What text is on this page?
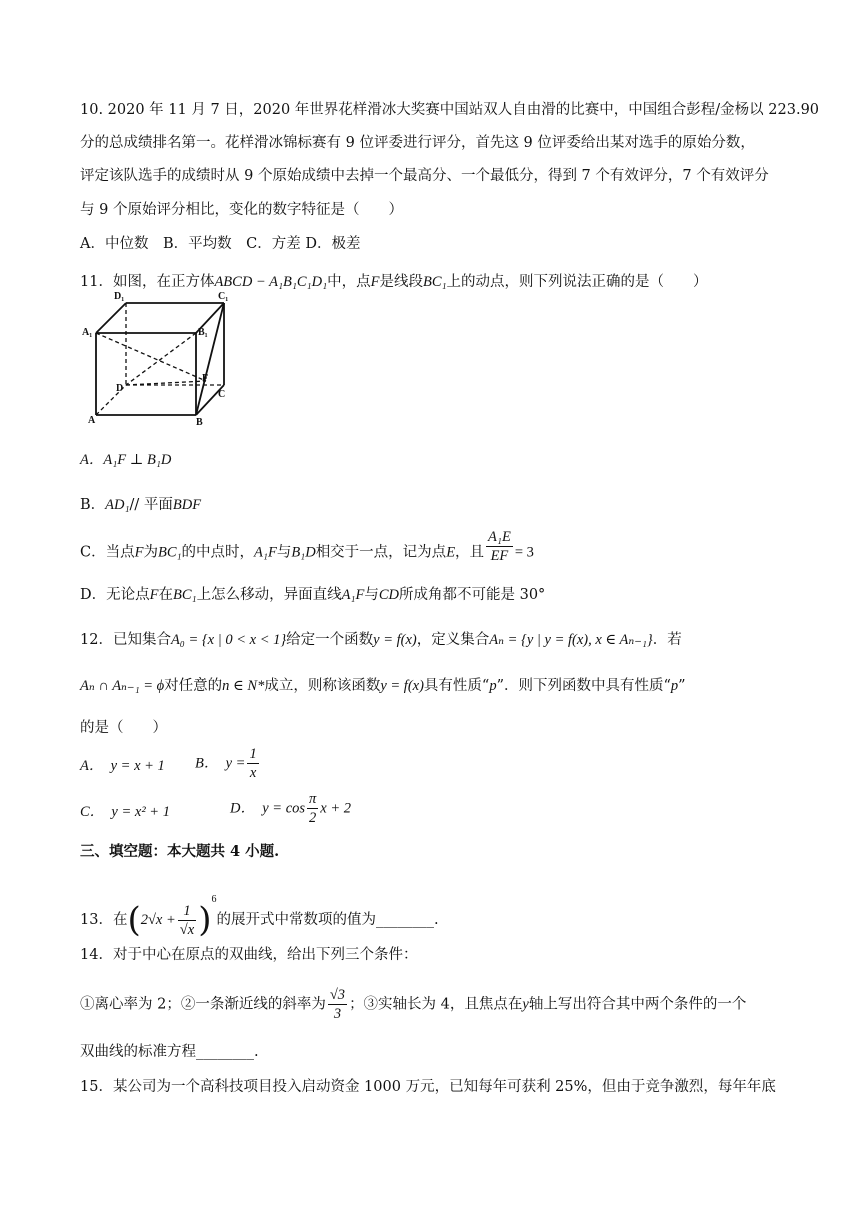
10. 2020 年 11 月 7 日，2020 年世界花样滑冰大奖赛中国站双人自由滑的比赛中，中国组合彭程/金杨以 223.90
分的总成绩排名第一。花样滑冰锦标赛有 9 位评委进行评分，首先这 9 位评委给出某对选手的原始分数，
评定该队选手的成绩时从 9 个原始成绩中去掉一个最高分、一个最低分，得到 7 个有效评分，7 个有效评分
与 9 个原始评分相比，变化的数字特征是（　　）
A．中位数　B．平均数　C．方差 D．极差
11．如图，在正方体ABCD − A₁B₁C₁D₁中，点F是线段BC₁上的动点，则下列说法正确的是（　　）
D₁	C₁
A₁	B₁
D
F
C
A	B
A．A₁F ⊥ B₁D
B．AD₁// 平面BDF
C．当点F为BC₁的中点时，A₁F与B₁D相交于一点，记为点E，且 $\frac{\text{A₁E}}{EF} = 3$
D．无论点F在BC₁上怎么移动，异面直线A₁F与CD所成角都不可能是 30°
12．已知集合A₀ = {x | 0 < x < 1}给定一个函数y = f(x)，定义集合Aₙ = {y | y = f(x), x ∈ Aₙ₋₁}．若
Aₙ ∩ Aₙ₋₁ = ϕ对任意的n ∈ N*成立，则称该函数y = f(x)具有性质“p”．则下列函数中具有性质“p”
的是（　　）
A．　y = x + 1 B．　$y = \frac{1}{x}$
C．　y = x² + 1	D．　$y = \cos \frac{\pi}{2}$ x + 2
三、填空题：本大题共 4 小题.
13．在$(2√x + \frac{1}{√x} )^6$的展开式中常数项的值为________.
14．对于中心在原点的双曲线，给出下列三个条件：
①离心率为 2；②一条渐近线的斜率为 $\frac{√3}{3}$ ；③实轴长为 4，且焦点在y轴上写出符合其中两个条件的一个
双曲线的标准方程________.
15．某公司为一个高科技项目投入启动资金 1000 万元，已知每年可获利 25%，但由于竞争激烈，每年年底
